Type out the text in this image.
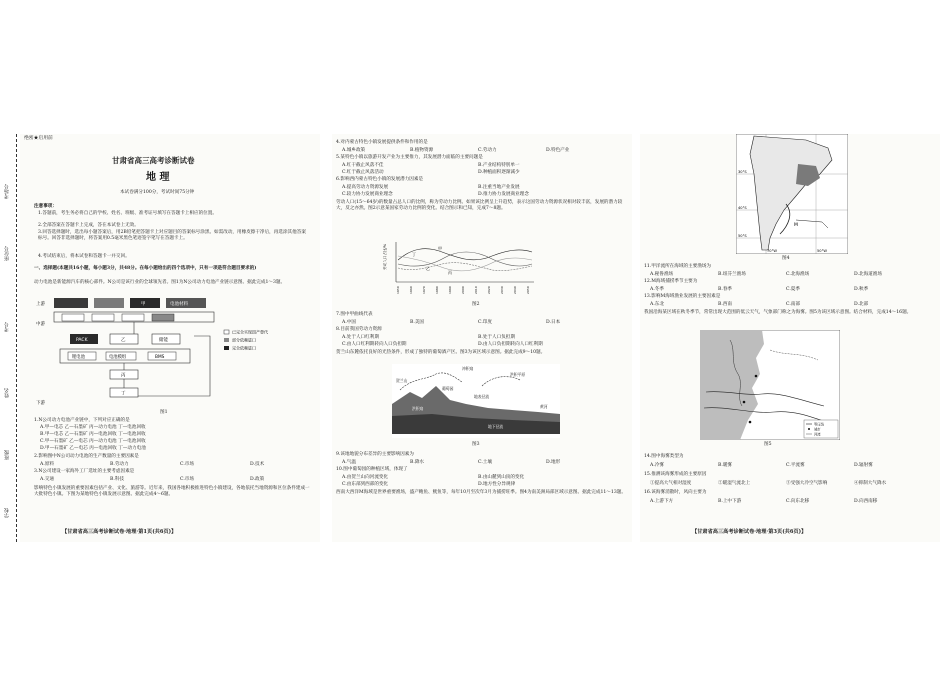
考场号
座位号
考号
姓名
班级
学校
绝密★启用前
甘肃省高三高考诊断试卷
地 理
本试卷满分100分，考试时间75分钟
注意事项：
1.答题前，考生务必将自己的学校、姓名、班级、准考证号填写在答题卡上相应的位置。
2.全部答案在答题卡上完成，答在本试卷上无效。
3.回答选择题时，选出每小题答案后，用2B铅笔把答题卡上对应题目的答案标号涂黑。如需改动，用橡皮擦干净后，再选涂其他答案标号。回答非选择题时，将答案用0.5毫米黑色笔迹签字笔写在答题卡上。
4.考试结束后，将本试卷和答题卡一并交回。
一、选择题(本题共16小题，每小题3分，共48分。在每小题给出的四个选项中，只有一项是符合题目要求的)
动力电池是新能源汽车的核心部件。N公司是该行业的全球领先者。图1为N公司动力电池产业链示意图。据此完成1～3题。
上游
中游
下游
甲	电池材料
PACK	乙	储能
锂电池	电池模组	BMS
丙
丁
已完全实现国产替代
部分依赖进口
完全依赖进口
图1
1.N公司动力电池产业链中，下列对应正确的是
A.甲—电芯 乙—石墨矿 丙—动力电池 丁—电池回收
B.甲—电芯 乙—石墨矿 丙—电池回收 丁—电池回收
C.甲—石墨矿 乙—电芯 丙—动力电池 丁—电池回收
D.甲—石墨矿 乙—电芯 丙—电池回收 丁—动力电池
2.影响图中N公司动力电池的生产数量的主要因素是
A.原料	B.劳动力	C.市场	D.技术
3.N公司建设一家海外工厂选址的主要考虑因素是
A.交通	B.科技	C.市场	D.政策
影响特色小镇发展的重要因素包括产业、文化、旅游等。近年来，我国各地积极推进特色小镇建设，各地依托当地资源和区位条件建成一大批特色小镇。下图为某地特色小镇发展示意图。据此完成4～6题。
【甘肃省高三高考诊断试卷·地理·第1页(共6页)】
4.对内蒙古特色小镇发展提供条件和作用的是
A.城乡政策	B.植物资源	C.劳动力	D.特色产业
5.某特色小镇以旅游开发产业为主要推力，其发展潜力面临的主要问题是
A.红干截止风落不佳	B.产业结构特别单一
C.红于截止风落活动	D.种植面积逐渐减少
6.影响西内蒙古特色小镇的发展潜力因素是
A.提高劳动力资源发展	B.注重当地产业发展
C.较力协力发展商业理念	D.推力协力发展商业理念
劳动人口(15～64岁)的数量占总人口的比例，称为劳动力比例。如果该比例呈上升趋势，表示这国劳动力资源状况相对较丰富，发展的潜力较大，反之亦然。图2示意某国家劳动力比例的变化。结合图示和已知，完成7～8题。
劳动人口占比/%	甲
乙
丙
丁
1950	1960	1970	1980	1990	2000	2010	2020	2030	2040	2050
图2
7.图中甲曲线代表
A.中国	B.美国	C.印度	D.日本
8.目前我国劳动力资源
A.处于人口红利期	B.处于人口负担期
C.由人口红利期转向人口负担期	D.由人口负担期转向人口红利期
贺兰山东麓依托良好的光热条件，形成了独特的葡萄酒产区。图3为该区域示意图。据此完成9～10题。
冲积扇
洪积平原
葡萄园
贺兰山
洪积扇
地表径流
地下径流
黄河
图3
9.该地地貌分布差异的主要影响因素为
A.气温	B.降水	C.土壤	D.地形
10.图中葡萄园的种植区域，体现了
A.由贺兰山向河流变化	B.由山麓到山顶的变化
C.由东部到西部的变化	D.地方性分异规律
西南大西洋M海域是世界重要渔场，盛产鲍鱼、鱿鱼等，每年10月至次年3月为捕捞旺季。图4为南美洲局部区域示意图。据此完成11～13题。
M
30°S
40°S
50°S
70°W	50°W
图4
11.甲洋流所在海域的主要渔场为
A.秘鲁渔场	B.纽芬兰渔场	C.北海渔场	D.北海道渔场
12.M海域捕捞季节主要为
A.冬季	B.春季	C.夏季	D.秋季
13.影响M海域渔业发展的主要因素是
A.东北	B.西南	C.南部	D.北部
我国沿海某区域在秋冬季节，常常出现大范围的低云天气，气象部门称之为海雾。图5为该区域示意图。结合材料，完成14～16题。
等压线
城市
河流
图5
14.图中海雾类型为
A.冷雾	B.暖雾	C.平流雾	D.辐射雾
15.推测该海雾形成的主要原因
①提高大气相对湿度	②暖湿气流北上	③受强大冷空气影响	④抑制大气降水
16.该海雾消散时，风向主要为
A.上游下方	B.上中下游	C.向东北移	D.向西南移
【甘肃省高三高考诊断试卷·地理·第3页(共6页)】
